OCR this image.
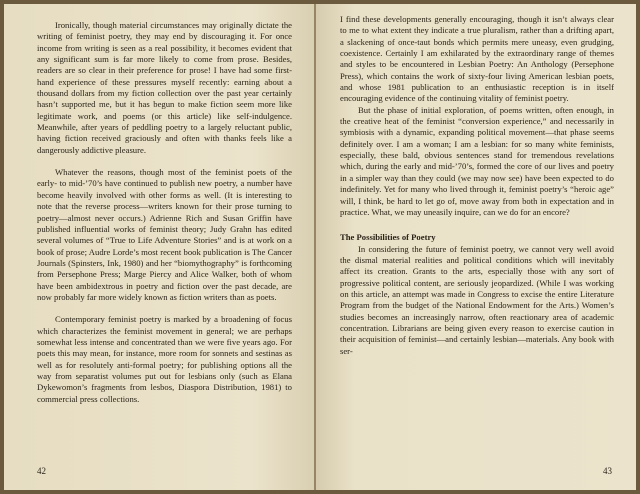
Ironically, though material circumstances may originally dictate the writing of feminist poetry, they may end by discouraging it. For once income from writing is seen as a real possibility, it becomes evident that any significant sum is far more likely to come from prose. Besides, readers are so clear in their preference for prose! I have had some first-hand experience of these pressures myself recently: earning about a thousand dollars from my fiction collection over the past year certainly hasn’t supported me, but it has begun to make fiction seem more like legitimate work, and poems (or this article) like self-indulgence. Meanwhile, after years of peddling poetry to a largely reluctant public, having fiction received graciously and often with thanks feels like a dangerously addictive pleasure.

Whatever the reasons, though most of the feminist poets of the early- to mid-’70’s have continued to publish new poetry, a number have become heavily involved with other forms as well. (It is interesting to note that the reverse process—writers known for their prose turning to poetry—almost never occurs.) Adrienne Rich and Susan Griffin have published influential works of feminist theory; Judy Grahn has edited several volumes of “True to Life Adventure Stories” and is at work on a book of prose; Audre Lorde’s most recent book publication is The Cancer Journals (Spinsters, Ink, 1980) and her “biomythography” is forthcoming from Persephone Press; Marge Piercy and Alice Walker, both of whom have been ambidextrous in poetry and fiction over the past decade, are now probably far more widely known as fiction writers than as poets.

Contemporary feminist poetry is marked by a broadening of focus which characterizes the feminist movement in general; we are perhaps somewhat less intense and concentrated than we were five years ago. For poets this may mean, for instance, more room for sonnets and sestinas as well as for resolutely anti-formal poetry; for publishing options all the way from separatist volumes put out for lesbians only (such as Elana Dykewomon’s fragments from lesbos, Diaspora Distribution, 1981) to commercial press collections.

42

I find these developments generally encouraging, though it isn’t always clear to me to what extent they indicate a true pluralism, rather than a drifting apart, a slackening of once-taut bonds which permits mere uneasy, even grudging, coexistence. Certainly I am exhilarated by the extraordinary range of themes and styles to be encountered in Lesbian Poetry: An Anthology (Persephone Press), which contains the work of sixty-four living American lesbian poets, and whose 1981 publication to an enthusiastic reception is in itself encouraging evidence of the continuing vitality of feminist poetry.

But the phase of initial exploration, of poems written, often enough, in the creative heat of the feminist “conversion experience,” and necessarily in symbiosis with a dynamic, expanding political movement—that phase seems definitely over. I am a woman; I am a lesbian: for so many white feminists, especially, these bald, obvious sentences stand for tremendous revelations which, during the early and mid-’70’s, formed the core of our lives and poetry in a simpler way than they could (we may now see) have been expected to do indefinitely. Yet for many who lived through it, feminist poetry’s “heroic age” will, I think, be hard to let go of, move away from both in expectation and in practice. What, we may uneasily inquire, can we do for an encore?

The Possibilities of Poetry

In considering the future of feminist poetry, we cannot very well avoid the dismal material realities and political conditions which will inevitably affect its creation. Grants to the arts, especially those with any sort of progressive political content, are seriously jeopardized. (While I was working on this article, an attempt was made in Congress to excise the entire Literature Program from the budget of the National Endowment for the Arts.) Women’s studies becomes an increasingly narrow, often reactionary area of academic concentration. Librarians are being given every reason to exercise caution in their acquisition of feminist—and certainly lesbian—materials. Any book with ser-

43
